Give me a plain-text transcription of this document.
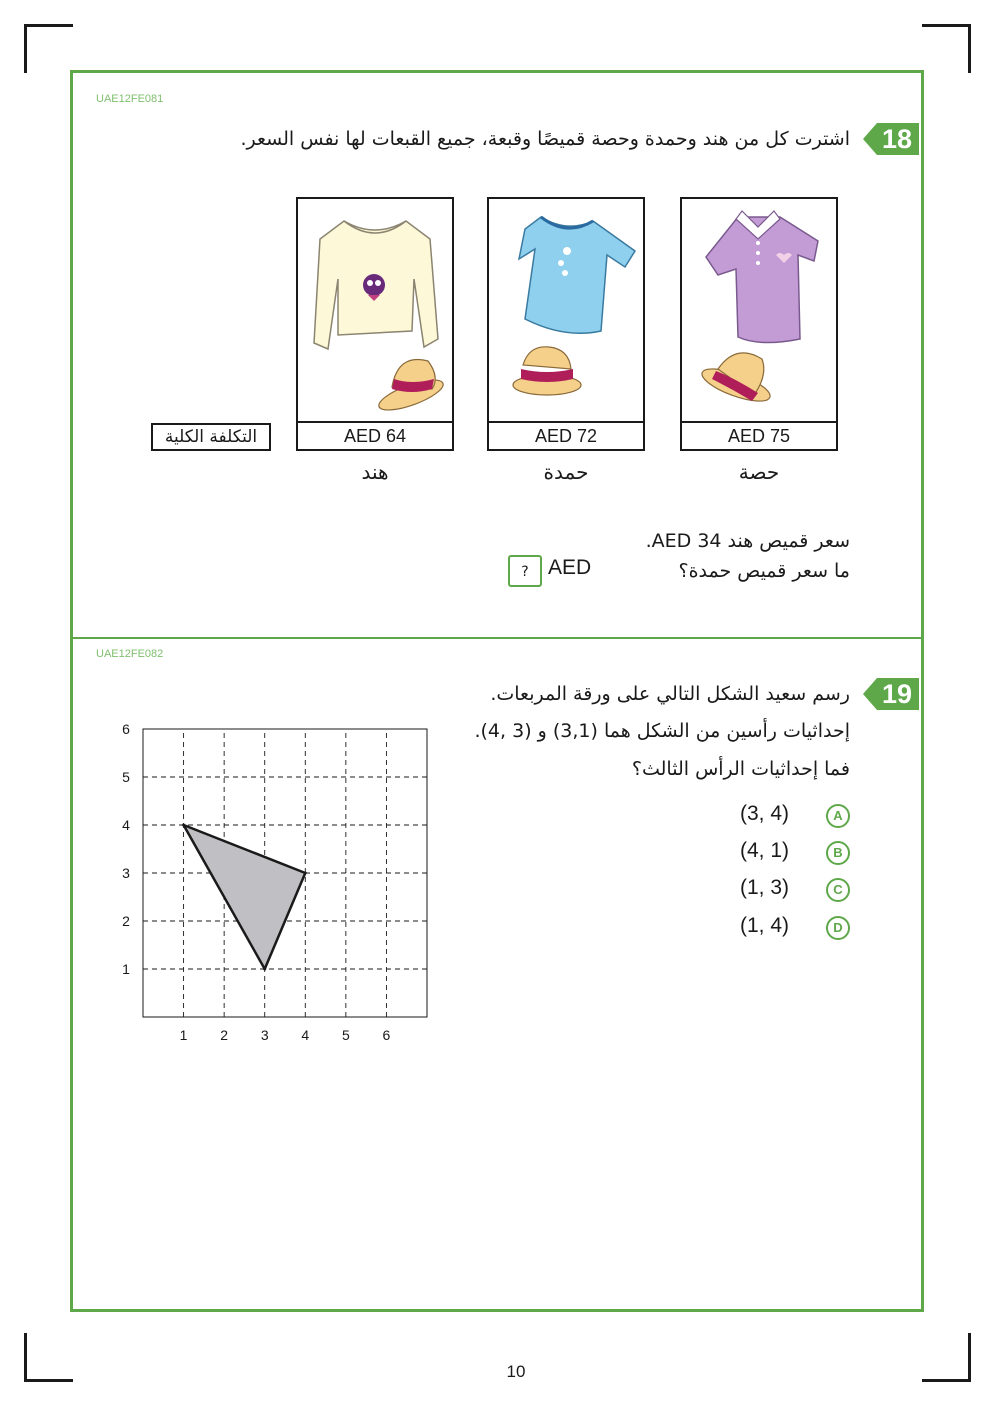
UAE12FE081
18
اشترت كل من هند وحمدة وحصة قميصًا وقبعة، جميع القبعات لها نفس السعر.
التكلفة الكلية	AED 64
هند
AED 72
حمدة
AED 75
حصة
سعر قميص هند 34 AED.
ما سعر قميص حمدة؟
AED
?
UAE12FE082
19
رسم سعيد الشكل التالي على ورقة المربعات.
إحداثيات رأسين من الشكل هما (3,1) و (3 ,4).
فما إحداثيات الرأس الثالث؟
(3, 4)	A
(4, 1)	B
(1, 3)	C
(1, 4)	D
1 2 3 4 5 6
1
2
3
4
5
6
10
